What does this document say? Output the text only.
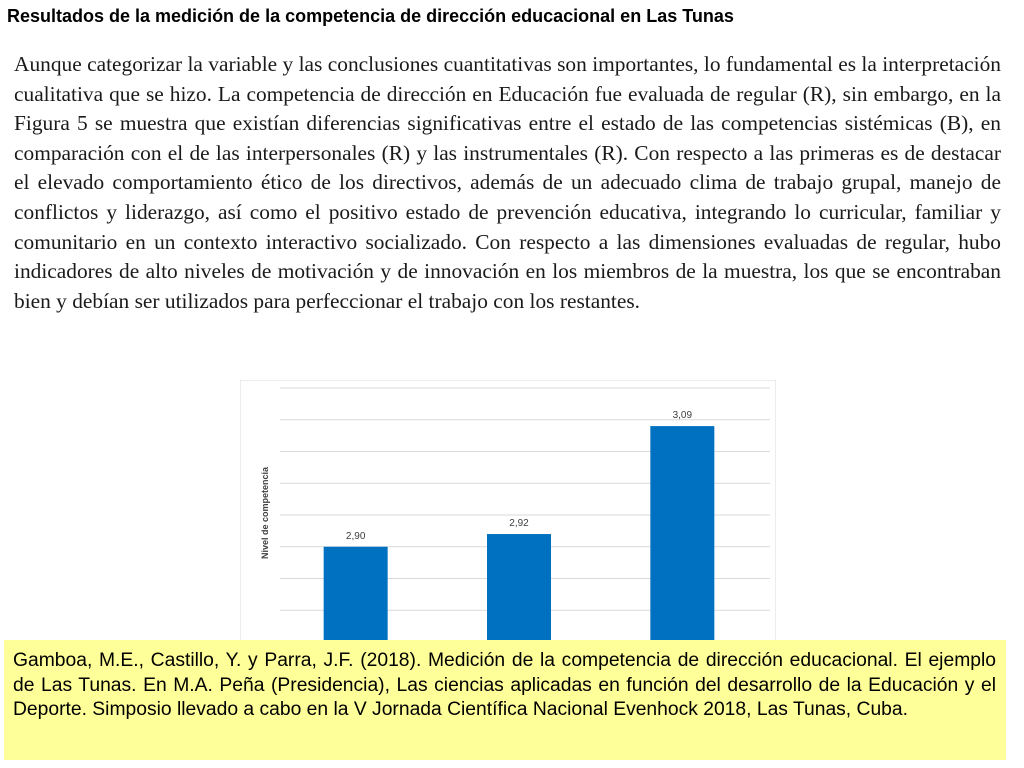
Resultados de la medición de la competencia de dirección educacional en Las Tunas
Aunque categorizar la variable y las conclusiones cuantitativas son importantes, lo fundamental es la interpretación cualitativa que se hizo. La competencia de dirección en Educación fue evaluada de regular (R), sin embargo, en la Figura 5 se muestra que existían diferencias significativas entre el estado de las competencias sistémicas (B), en comparación con el de las interpersonales (R) y las instrumentales (R). Con respecto a las primeras es de destacar el elevado comportamiento ético de los directivos, además de un adecuado clima de trabajo grupal, manejo de conflictos y liderazgo, así como el positivo estado de prevención educativa, integrando lo curricular, familiar y comunitario en un contexto interactivo socializado. Con respecto a las dimensiones evaluadas de regular, hubo indicadores de alto niveles de motivación y de innovación en los miembros de la muestra, los que se encontraban bien y debían ser utilizados para perfeccionar el trabajo con los restantes.
2,90
2,92
3,09
Nivel de competencia
Gamboa, M.E., Castillo, Y. y Parra, J.F. (2018). Medición de la competencia de dirección educacional. El ejemplo de Las Tunas. En M.A. Peña (Presidencia), Las ciencias aplicadas en función del desarrollo de la Educación y el Deporte. Simposio llevado a cabo en la V Jornada Científica Nacional Evenhock 2018, Las Tunas, Cuba.
